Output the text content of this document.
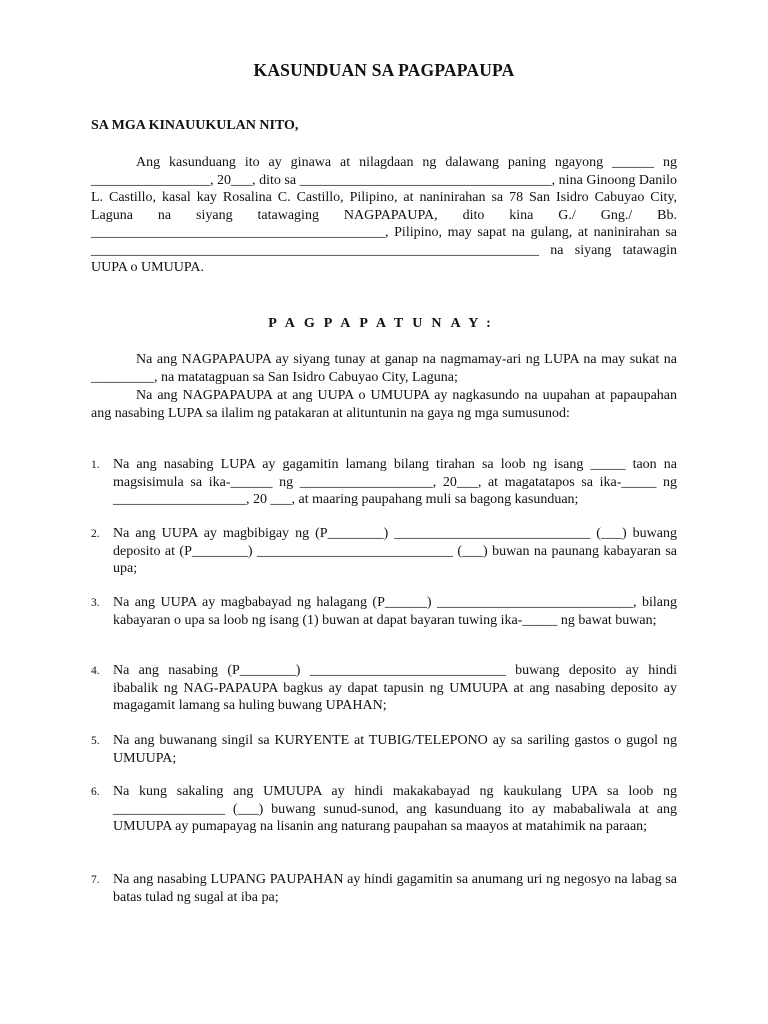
KASUNDUAN SA PAGPAPAUPA
SA MGA KINAUUKULAN NITO,
Ang kasunduang ito ay ginawa at nilagdaan ng dalawang paning ngayong ______ ng _________________, 20___, dito sa ____________________________________, nina Ginoong Danilo L. Castillo, kasal kay Rosalina C. Castillo, Pilipino, at naninirahan sa 78 San Isidro Cabuyao City, Laguna na siyang tatawaging NAGPAPAUPA, dito kina G./ Gng./ Bb. __________________________________________, Pilipino, may sapat na gulang, at naninirahan sa ________________________________________________________________ na siyang tatawagin UUPA o UMUUPA.
PAGPAPATUNAY:
Na ang NAGPAPAUPA ay siyang tunay at ganap na nagmamay-ari ng LUPA na may sukat na _________, na matatagpuan sa San Isidro Cabuyao City, Laguna;
Na ang NAGPAPAUPA at ang UUPA o UMUUPA ay nagkasundo na uupahan at papaupahan ang nasabing LUPA sa ilalim ng patakaran at alituntunin na gaya ng mga sumusunod:
1. Na ang nasabing LUPA ay gagamitin lamang bilang tirahan sa loob ng isang _____ taon na magsisimula sa ika-______ ng ___________________, 20___, at magatatapos sa ika-_____ ng ___________________, 20 ___, at maaring paupahang muli sa bagong kasunduan;
2. Na ang UUPA ay magbibigay ng (P________) ____________________________ (___) buwang deposito at (P________) ____________________________ (___) buwan na paunang kabayaran sa upa;
3. Na ang UUPA ay magbabayad ng halagang (P______) ____________________________, bilang kabayaran o upa sa loob ng isang (1) buwan at dapat bayaran tuwing ika-_____ ng bawat buwan;
4. Na ang nasabing (P________) ____________________________ buwang deposito ay hindi ibabalik ng NAG-PAPAUPA bagkus ay dapat tapusin ng UMUUPA at ang nasabing deposito ay magagamit lamang sa huling buwang UPAHAN;
5. Na ang buwanang singil sa KURYENTE at TUBIG/TELEPONO ay sa sariling gastos o gugol ng UMUUPA;
6. Na kung sakaling ang UMUUPA ay hindi makakabayad ng kaukulang UPA sa loob ng ________________ (___) buwang sunud-sunod, ang kasunduang ito ay mababaliwala at ang UMUUPA ay pumapayag na lisanin ang naturang paupahan sa maayos at matahimik na paraan;
7. Na ang nasabing LUPANG PAUPAHAN ay hindi gagamitin sa anumang uri ng negosyo na labag sa batas tulad ng sugal at iba pa;
